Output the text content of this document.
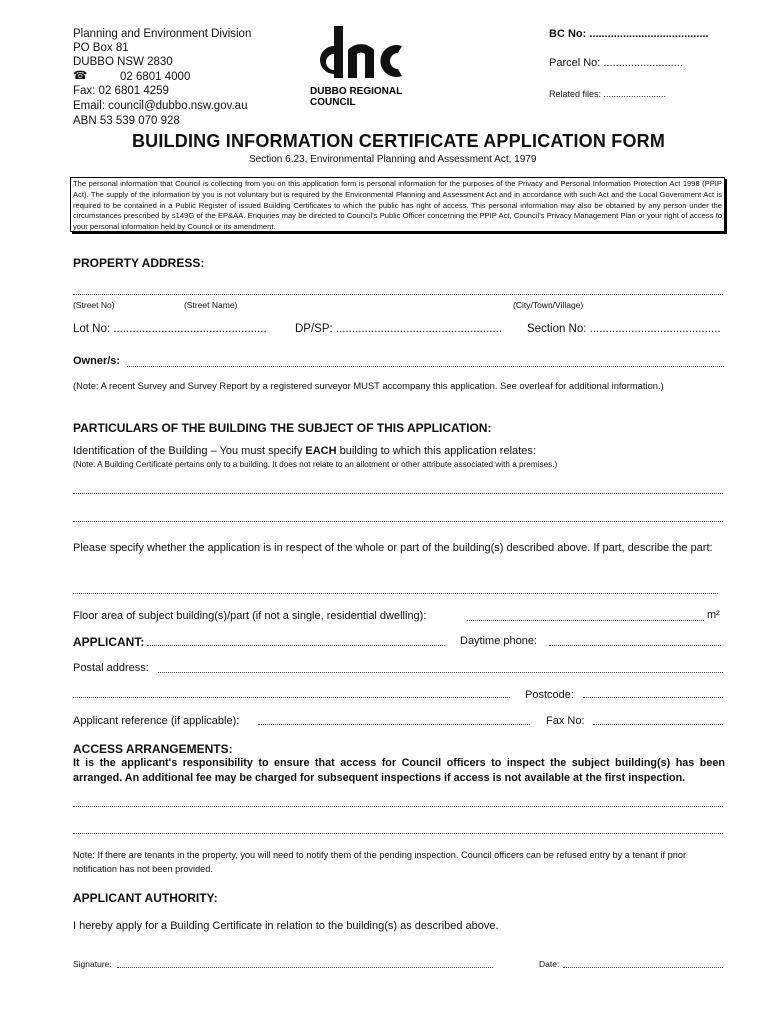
Planning and Environment Division
PO Box 81
DUBBO NSW 2830
☎	02 6801 4000
Fax: 02 6801 4259
Email: council@dubbo.nsw.gov.au
ABN 53 539 070 928
DUBBO REGIONAL
COUNCIL
BC No: .......................................
Parcel No: ..........................
Related files: .........................
BUILDING INFORMATION CERTIFICATE APPLICATION FORM
Section 6.23, Environmental Planning and Assessment Act, 1979
The personal information that Council is collecting from you on this application form is personal information for the purposes of the Privacy and Personal Information Protection Act 1998 (PPIP Act). The supply of the information by you is not voluntary but is required by the Environmental Planning and Assessment Act and in accordance with such Act and the Local Government Act is required to be contained in a Public Register of issued Building Certificates to which the public has right of access. This personal information may also be obtained by any person under the circumstances prescribed by s149G of the EP&AA. Enquiries may be directed to Council's Public Officer concerning the PPIP Act, Council's Privacy Management Plan or your right of access to your personal information held by Council or its amendment.
PROPERTY ADDRESS:
(Street No)	(Street Name)	(City/Town/Village)
Lot No: ................................................ DP/SP: .................................................... Section No: .........................................
Owner/s:
(Note: A recent Survey and Survey Report by a registered surveyor MUST accompany this application. See overleaf for additional information.)
PARTICULARS OF THE BUILDING THE SUBJECT OF THIS APPLICATION:
Identification of the Building – You must specify EACH building to which this application relates:
(Note: A Building Certificate pertains only to a building. It does not relate to an allotment or other attribute associated with a premises.)
Please specify whether the application is in respect of the whole or part of the building(s) described above. If part, describe the part:
Floor area of subject building(s)/part (if not a single, residential dwelling):	m²
APPLICANT:	Daytime phone:
Postal address:
Postcode:
Applicant reference (if applicable):	Fax No:
ACCESS ARRANGEMENTS:
It is the applicant's responsibility to ensure that access for Council officers to inspect the subject building(s) has been arranged. An additional fee may be charged for subsequent inspections if access is not available at the first inspection.
Note: If there are tenants in the property, you will need to notify them of the pending inspection. Council officers can be refused entry by a tenant if prior notification has not been provided.
APPLICANT AUTHORITY:
I hereby apply for a Building Certificate in relation to the building(s) as described above.
Signature:	Date:
